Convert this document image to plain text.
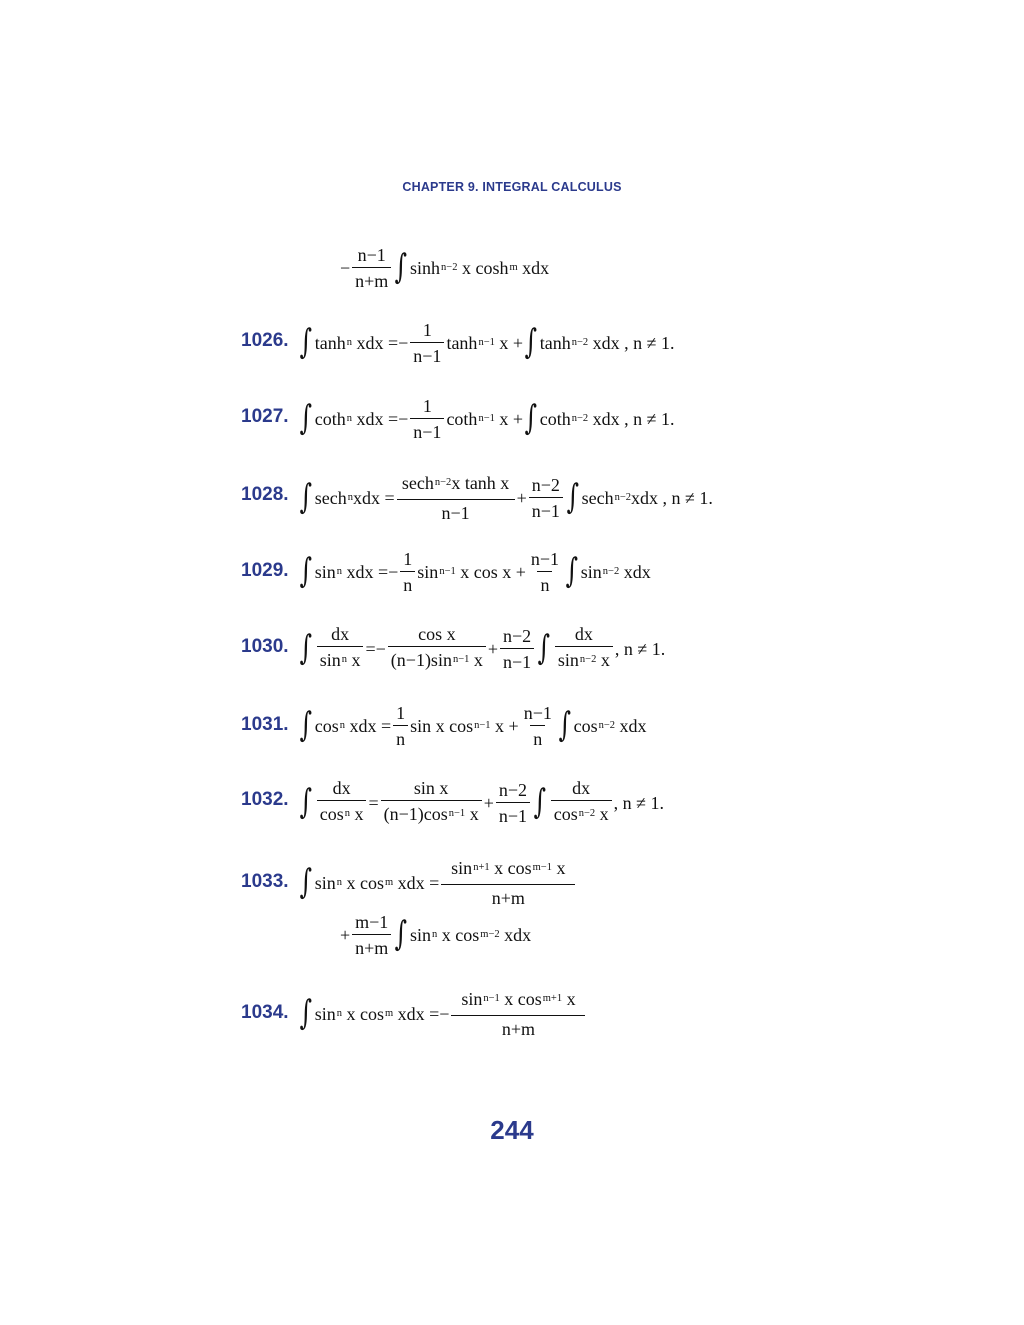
CHAPTER 9. INTEGRAL CALCULUS
− $\frac{n-1}{n+m}$ ∫ $\sinh^{n-2} x$ $\cosh^m$ xdx
1026. ∫ $\tanh^n$ xdx =− $\frac{1}{n-1} \tanh^{n-1} x$ + ∫ $\tanh^{n-2}$ xdx , n ≠ 1.
1027. ∫ coth$^n$ xdx =− $\frac{1}{n-1} \cot h^{n-1}$ x + ∫ coth$^{n-2}$ xdx , n ≠ 1.
1028. ∫ $\sec h^nxdx = \frac{\sec h^{n-2}x \tanh x}{n-1} + \frac{n-2}{n-1}$ ∫ sech$^{n-2}$xdx , n ≠ 1.
1029. ∫ $\sin^n$ xdx =− $\frac{1}{n} \sin^{n-1} x$ $\cos x + \frac{n-1}{n}$ ∫ $\sin^{n-2}$ xdx
1030. ∫ $\frac{dx}{\sin^n x} =- \frac{\text{cos x}}{(n-1)\sin^{n-1} x} + \frac{n-2}{n-1}$ ∫ $\frac{dx}{\sin^{n-2} x}$ , n ≠ 1.
1031. ∫ $\cos^n$ xdx = $\frac{1}{n}$ sin x $\cos^{n-1} x + \frac{n-1}{n}$ ∫ $\cos^{n-2}$ xdx
1032. ∫ $\frac{dx}{\cos^n x} = \frac{\text{sin x}}{(n-1)\cos^{n-1} x} + \frac{n-2}{n-1}$ ∫ $\frac{dx}{\cos^{n-2} x}$ , n ≠ 1.
1033. ∫ $\sin^n x$ $\cos^m$ xdx = $\frac{\sin^{n+1} x \cos^{m-1} x}{n+m}$
+ $\frac{m-1}{n+m}$ ∫ $\sin^n x$ $\cos^{m-2}$ xdx
1034. ∫ $\sin^n x$ $\cos^m$ xdx =− $\frac{\sin^{n-1} x \cos^{m+1} x}{n+m}$
244
